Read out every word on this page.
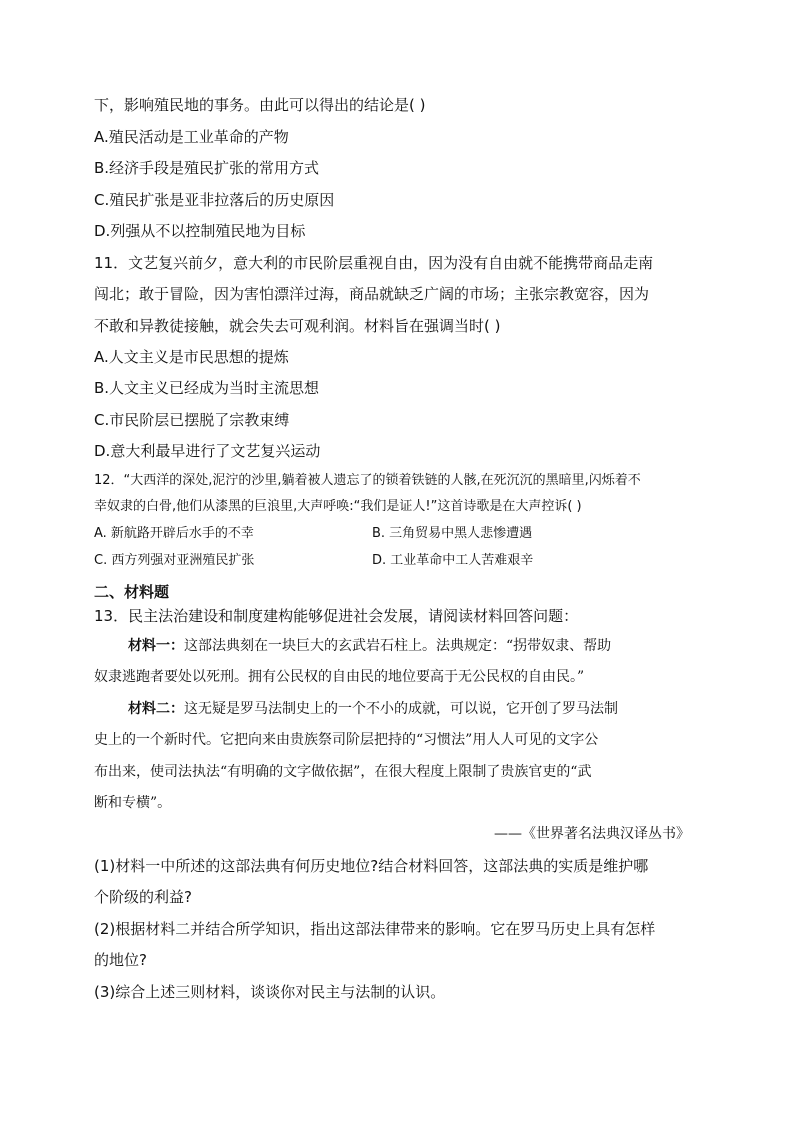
下，影响殖民地的事务。由此可以得出的结论是( )
A.殖民活动是工业革命的产物
B.经济手段是殖民扩张的常用方式
C.殖民扩张是亚非拉落后的历史原因
D.列强从不以控制殖民地为目标
11．文艺复兴前夕，意大利的市民阶层重视自由，因为没有自由就不能携带商品走南
闯北；敢于冒险，因为害怕漂洋过海，商品就缺乏广阔的市场；主张宗教宽容，因为
不敢和异教徒接触，就会失去可观利润。材料旨在强调当时( )
A.人文主义是市民思想的提炼
B.人文主义已经成为当时主流思想
C.市民阶层已摆脱了宗教束缚
D.意大利最早进行了文艺复兴运动
12．“大西洋的深处,泥泞的沙里,躺着被人遗忘了的锁着铁链的人骸,在死沉沉的黑暗里,闪烁着不
幸奴隶的白骨,他们从漆黑的巨浪里,大声呼唤:“我们是证人!”这首诗歌是在大声控诉( )
A. 新航路开辟后水手的不幸	B. 三角贸易中黑人悲惨遭遇
C. 西方列强对亚洲殖民扩张	D. 工业革命中工人苦难艰辛
二、材料题
13．民主法治建设和制度建构能够促进社会发展，请阅读材料回答问题：
材料一：这部法典刻在一块巨大的玄武岩石柱上。法典规定：“拐带奴隶、帮助
奴隶逃跑者要处以死刑。拥有公民权的自由民的地位要高于无公民权的自由民。”
材料二：这无疑是罗马法制史上的一个不小的成就，可以说，它开创了罗马法制
史上的一个新时代。它把向来由贵族祭司阶层把持的“习惯法”用人人可见的文字公
布出来，使司法执法“有明确的文字做依据”，在很大程度上限制了贵族官吏的“武
断和专横”。
——《世界著名法典汉译丛书》
(1)材料一中所述的这部法典有何历史地位?结合材料回答，这部法典的实质是维护哪
个阶级的利益?
(2)根据材料二并结合所学知识，指出这部法律带来的影响。它在罗马历史上具有怎样
的地位?
(3)综合上述三则材料，谈谈你对民主与法制的认识。
